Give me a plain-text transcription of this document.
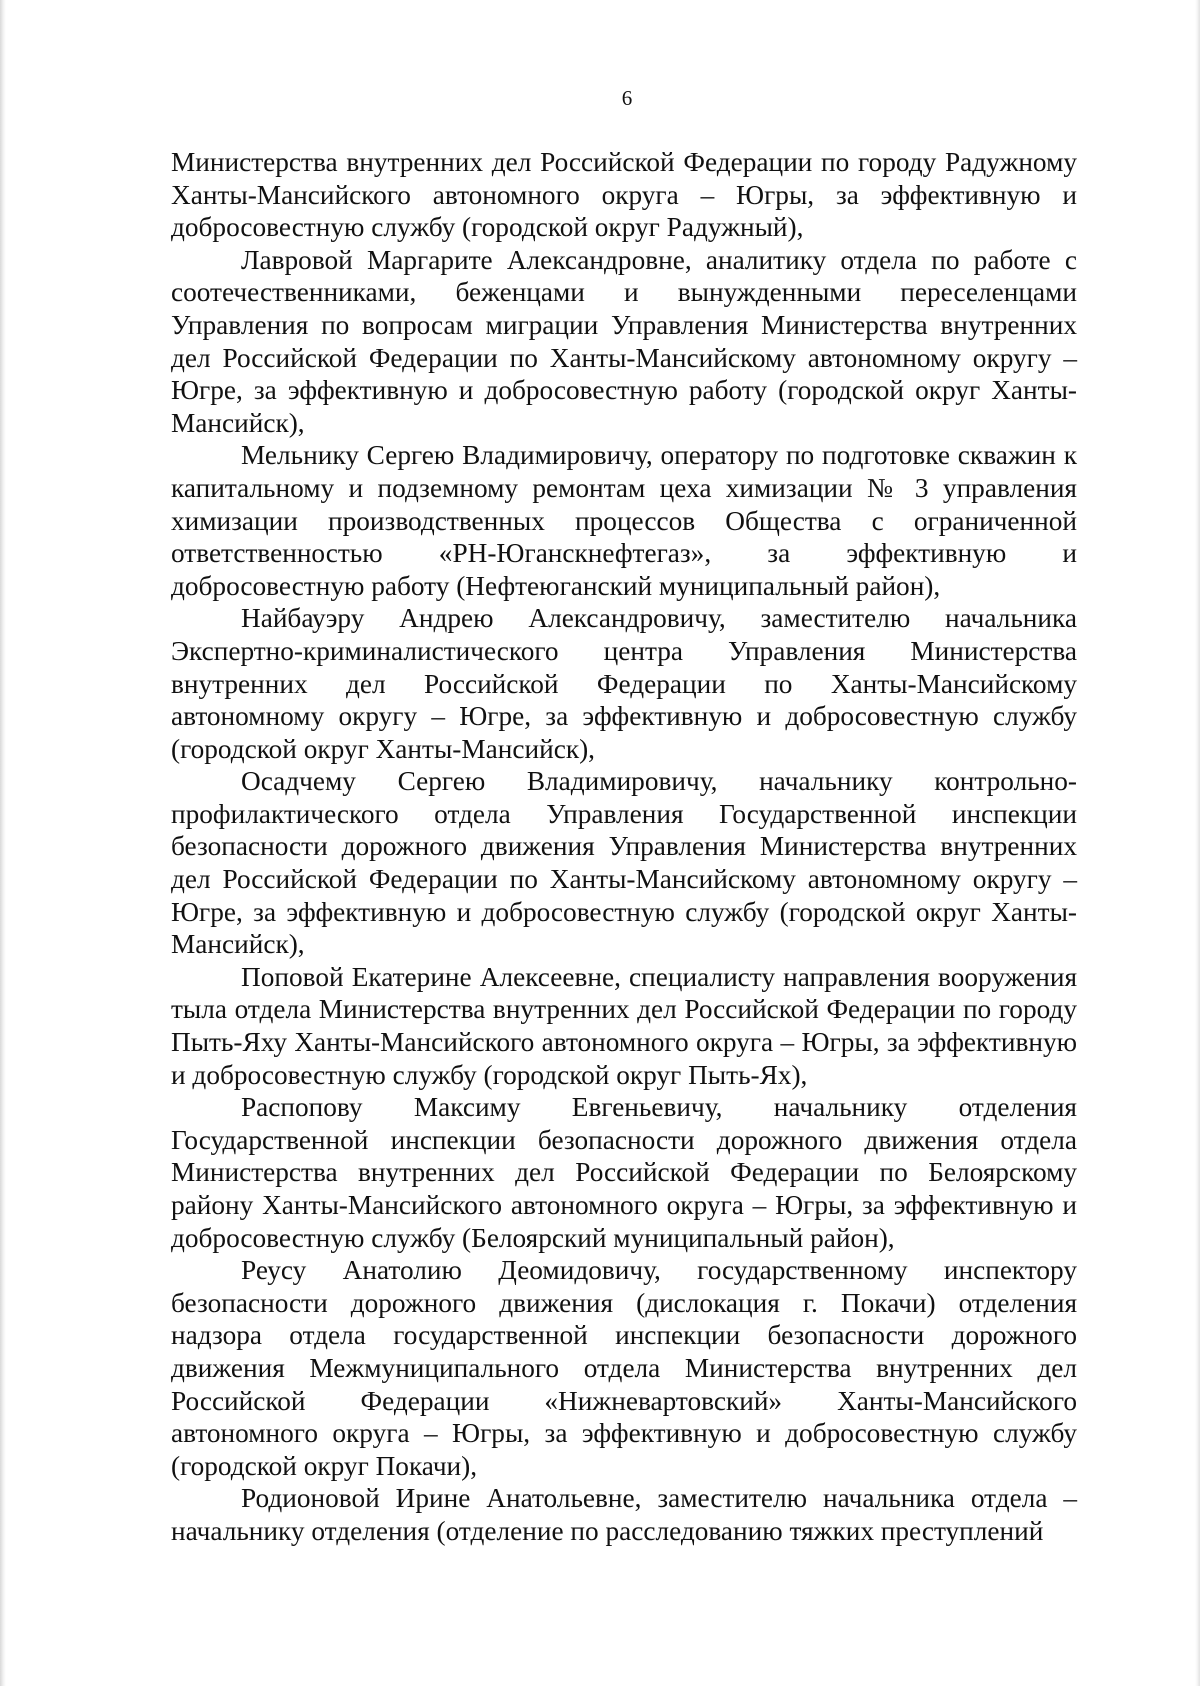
6

Министерства внутренних дел Российской Федерации по городу Радужному Ханты-Мансийского автономного округа – Югры, за эффективную и добросовестную службу (городской округ Радужный),

Лавровой Маргарите Александровне, аналитику отдела по работе с соотечественниками, беженцами и вынужденными переселенцами Управления по вопросам миграции Управления Министерства внутренних дел Российской Федерации по Ханты-Мансийскому автономному округу – Югре, за эффективную и добросовестную работу (городской округ Ханты-Мансийск),

Мельнику Сергею Владимировичу, оператору по подготовке скважин к капитальному и подземному ремонтам цеха химизации № 3 управления химизации производственных процессов Общества с ограниченной ответственностью «РН-Юганскнефтегаз», за эффективную и добросовестную работу (Нефтеюганский муниципальный район),

Найбауэру Андрею Александровичу, заместителю начальника Экспертно-криминалистического центра Управления Министерства внутренних дел Российской Федерации по Ханты-Мансийскому автономному округу – Югре, за эффективную и добросовестную службу (городской округ Ханты-Мансийск),

Осадчему Сергею Владимировичу, начальнику контрольно-профилактического отдела Управления Государственной инспекции безопасности дорожного движения Управления Министерства внутренних дел Российской Федерации по Ханты-Мансийскому автономному округу – Югре, за эффективную и добросовестную службу (городской округ Ханты-Мансийск),

Поповой Екатерине Алексеевне, специалисту направления вооружения тыла отдела Министерства внутренних дел Российской Федерации по городу Пыть-Яху Ханты-Мансийского автономного округа – Югры, за эффективную и добросовестную службу (городской округ Пыть-Ях),

Распопову Максиму Евгеньевичу, начальнику отделения Государственной инспекции безопасности дорожного движения отдела Министерства внутренних дел Российской Федерации по Белоярскому району Ханты-Мансийского автономного округа – Югры, за эффективную и добросовестную службу (Белоярский муниципальный район),

Реусу Анатолию Деомидовичу, государственному инспектору безопасности дорожного движения (дислокация г. Покачи) отделения надзора отдела государственной инспекции безопасности дорожного движения Межмуниципального отдела Министерства внутренних дел Российской Федерации «Нижневартовский» Ханты-Мансийского автономного округа – Югры, за эффективную и добросовестную службу (городской округ Покачи),

Родионовой Ирине Анатольевне, заместителю начальника отдела – начальнику отделения (отделение по расследованию тяжких преступлений
